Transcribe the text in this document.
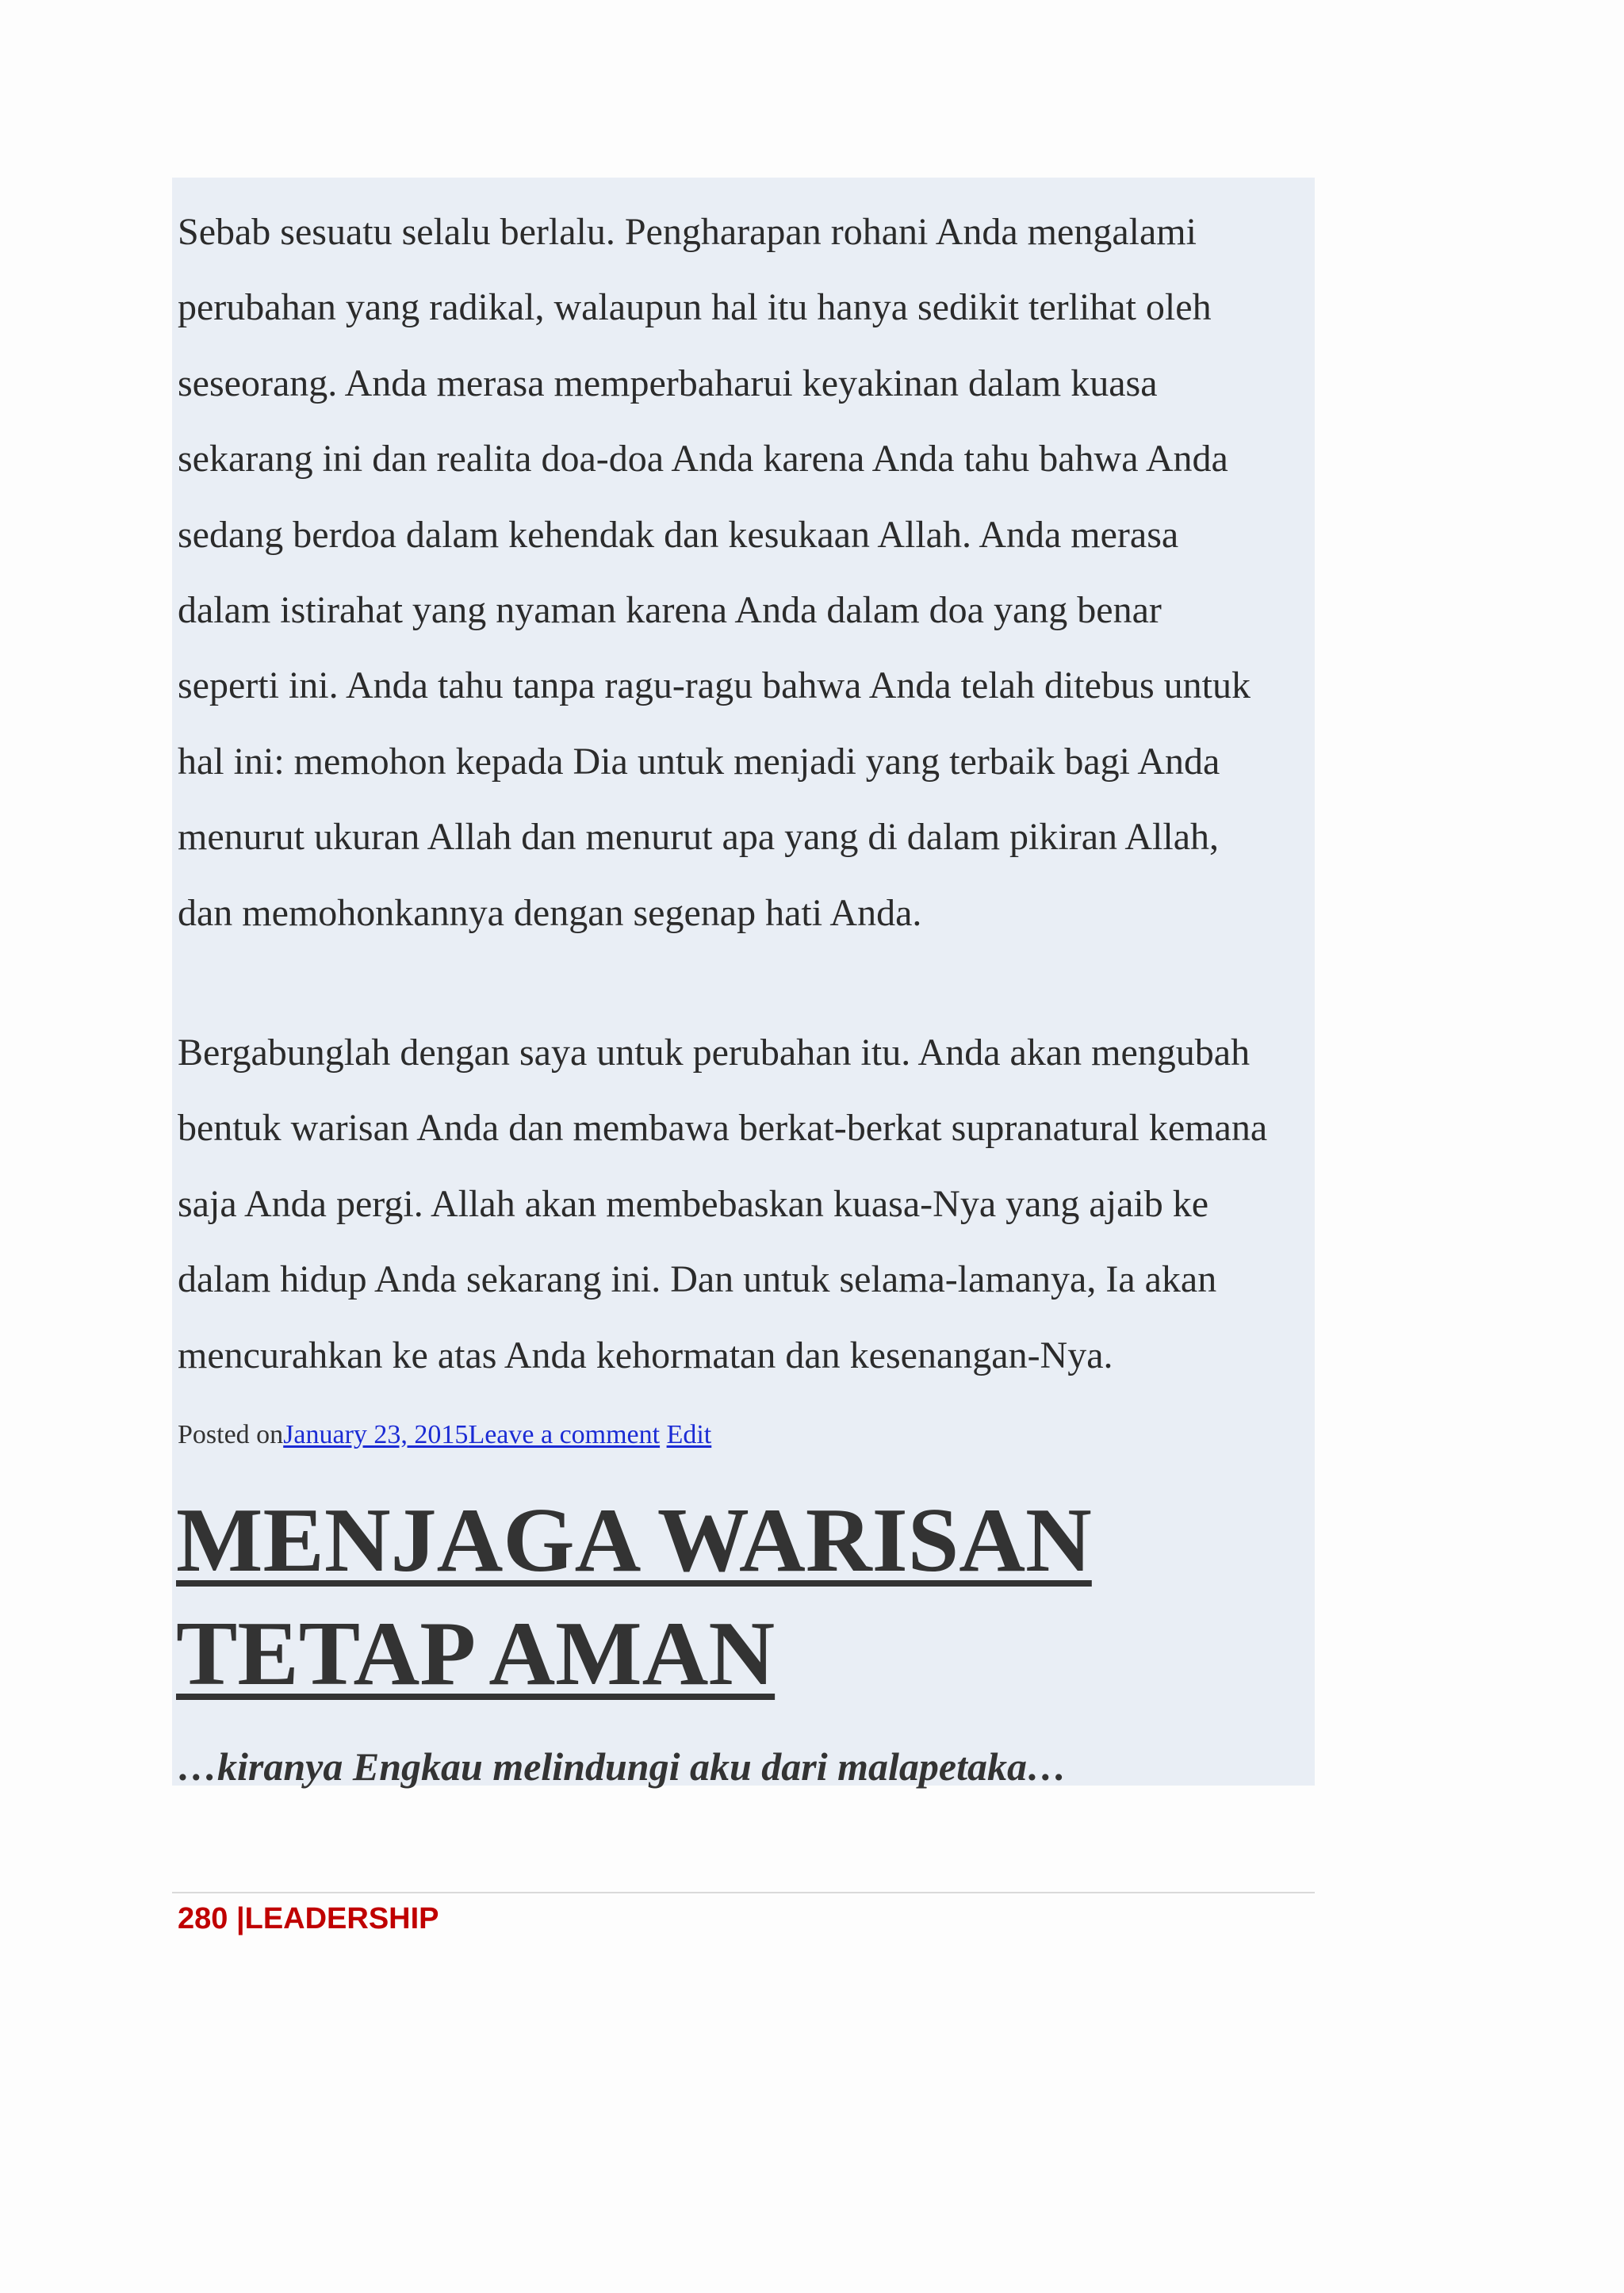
Sebab sesuatu selalu berlalu. Pengharapan rohani Anda mengalami
perubahan yang radikal, walaupun hal itu hanya sedikit terlihat oleh
seseorang. Anda merasa memperbaharui keyakinan dalam kuasa
sekarang ini dan realita doa-doa Anda karena Anda tahu bahwa Anda
sedang berdoa dalam kehendak dan kesukaan Allah. Anda merasa
dalam istirahat yang nyaman karena Anda dalam doa yang benar
seperti ini. Anda tahu tanpa ragu-ragu bahwa Anda telah ditebus untuk
hal ini: memohon kepada Dia untuk menjadi yang terbaik bagi Anda
menurut ukuran Allah dan menurut apa yang di dalam pikiran Allah,
dan memohonkannya dengan segenap hati Anda.

Bergabunglah dengan saya untuk perubahan itu. Anda akan mengubah
bentuk warisan Anda dan membawa berkat-berkat supranatural kemana
saja Anda pergi. Allah akan membebaskan kuasa-Nya yang ajaib ke
dalam hidup Anda sekarang ini. Dan untuk selama-lamanya, Ia akan
mencurahkan ke atas Anda kehormatan dan kesenangan-Nya.

Posted onJanuary 23, 2015Leave a comment Edit
MENJAGA WARISAN
TETAP AMAN

…kiranya Engkau melindungi aku dari malapetaka…

280 |LEADERSHIP
